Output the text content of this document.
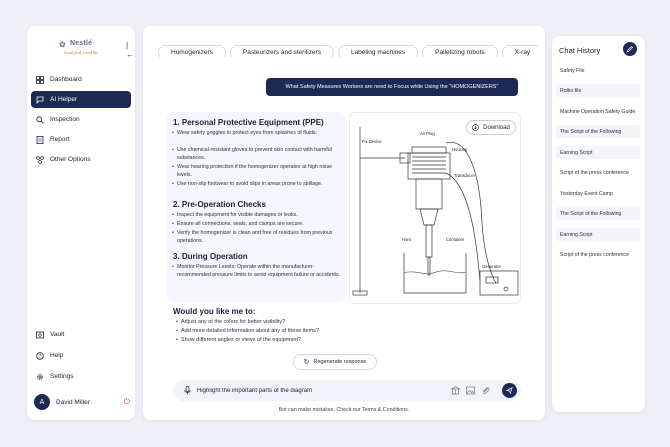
✿ Nestlé
Good food, Good life
|←
Dashboard
AI Helper
Inspection
Report
Other Options
Vault
? Help
Settings
A	David Miller	⏻
Homogenizers	Pasteurizers and sterilizers	Labeling machines	Palletizing robots	X-ray
What Safety Measures Workers are need to Focus while Using the "HOMOGENIZERS"
1. Personal Protective Equipment (PPE)
• Wear safety goggles to protect eyes from splashes of fluids.
• Use chemical-resistant gloves to prevent skin contact with harmful substances.
• Wear hearing protection if the homogenizer operates at high noise levels.
• Use non-slip footwear to avoid slips in areas prone to spillage.
2. Pre-Operation Checks
• Inspect the equipment for visible damages or leaks.
• Ensure all connections, seals, and clamps are secure.
• Verify the homogenizer is clean and free of residues from previous operations.
3. During Operation
• Monitor Pressure Levels: Operate within the manufacturer-recommended pressure limits to avoid equipment failure or accidents.
Download
Fix Device
Air Plug
Housing
Transducer
Horn	Container
Generator
Would you like me to:
• Adjust any of the colors for better visibility?
• Add more detailed information about any of these items?
• Show different angles or views of the equipment?
↻ Regenerate response
Highlight the important parts of the diagram
Bot can make mistakes. Check our Terms & Conditions.
Chat History
Safety File
Rolko file
Machine Operation Safety Guide
The Script of the Following
Earning Script
Script of the press conference
Yesterday Event Camp
The Script of the Following
Earning Script
Script of the press conference
